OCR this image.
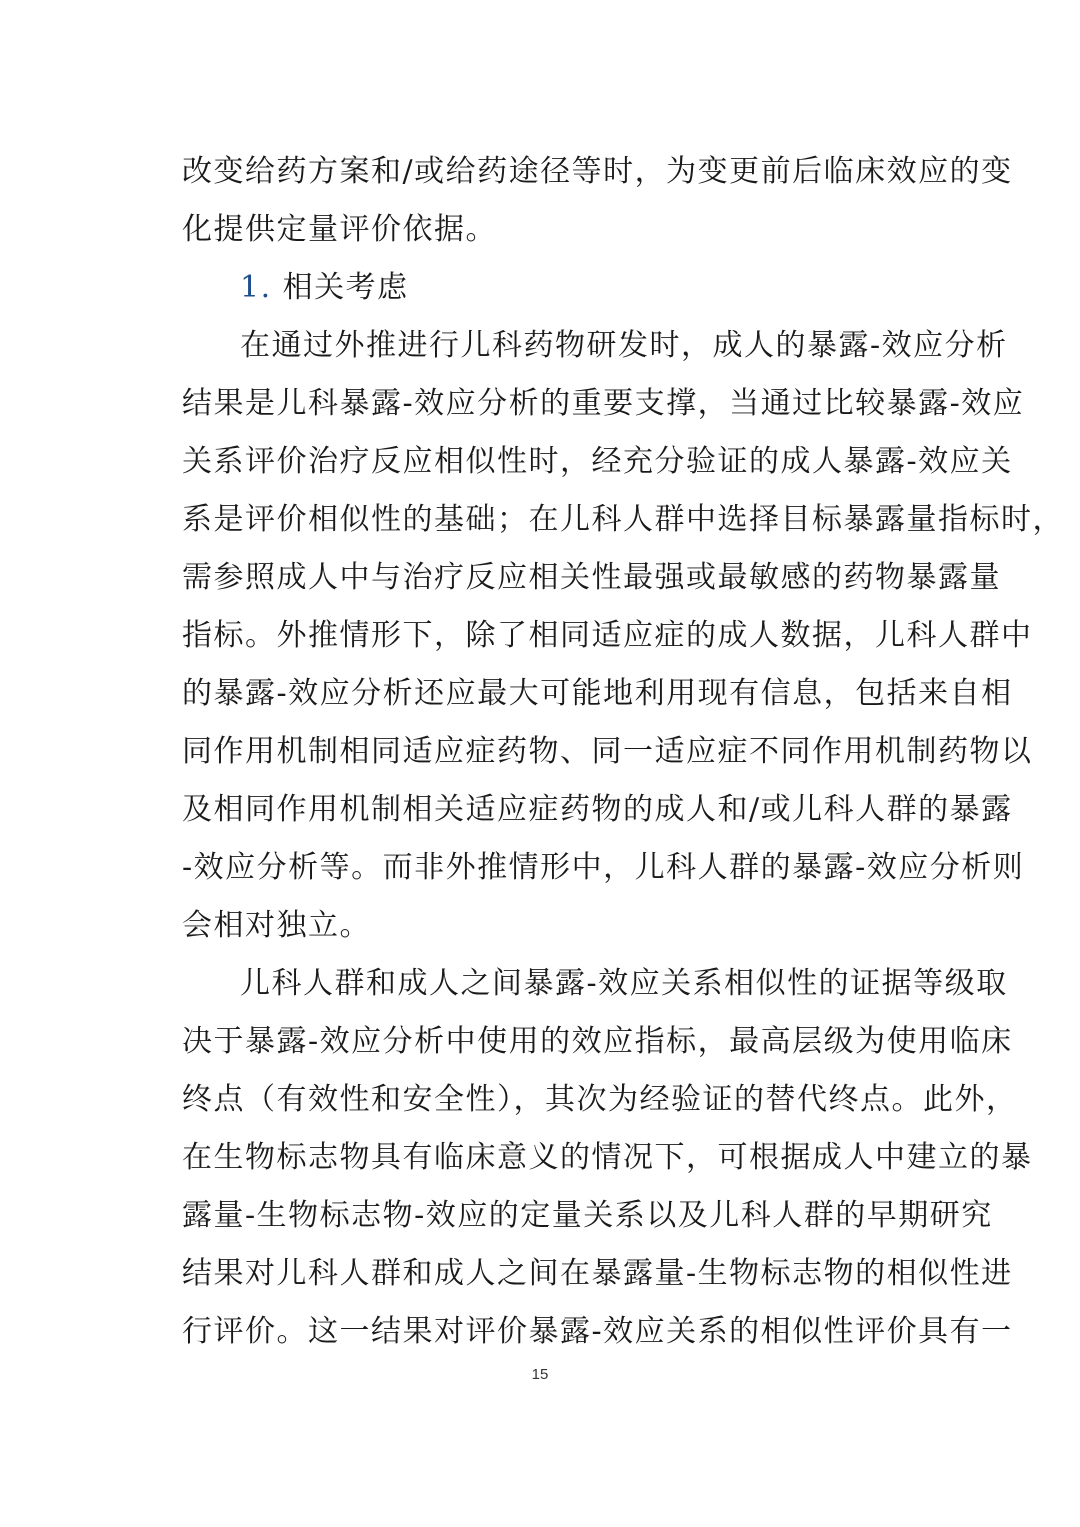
改变给药方案和/或给药途径等时，为变更前后临床效应的变
化提供定量评价依据。
1. 相关考虑
在通过外推进行儿科药物研发时，成人的暴露-效应分析
结果是儿科暴露-效应分析的重要支撑，当通过比较暴露-效应
关系评价治疗反应相似性时，经充分验证的成人暴露-效应关
系是评价相似性的基础；在儿科人群中选择目标暴露量指标时，
需参照成人中与治疗反应相关性最强或最敏感的药物暴露量
指标。外推情形下，除了相同适应症的成人数据，儿科人群中
的暴露-效应分析还应最大可能地利用现有信息，包括来自相
同作用机制相同适应症药物、同一适应症不同作用机制药物以
及相同作用机制相关适应症药物的成人和/或儿科人群的暴露
-效应分析等。而非外推情形中，儿科人群的暴露-效应分析则
会相对独立。
儿科人群和成人之间暴露-效应关系相似性的证据等级取
决于暴露-效应分析中使用的效应指标，最高层级为使用临床
终点（有效性和安全性），其次为经验证的替代终点。此外，
在生物标志物具有临床意义的情况下，可根据成人中建立的暴
露量-生物标志物-效应的定量关系以及儿科人群的早期研究
结果对儿科人群和成人之间在暴露量-生物标志物的相似性进
行评价。这一结果对评价暴露-效应关系的相似性评价具有一
15
